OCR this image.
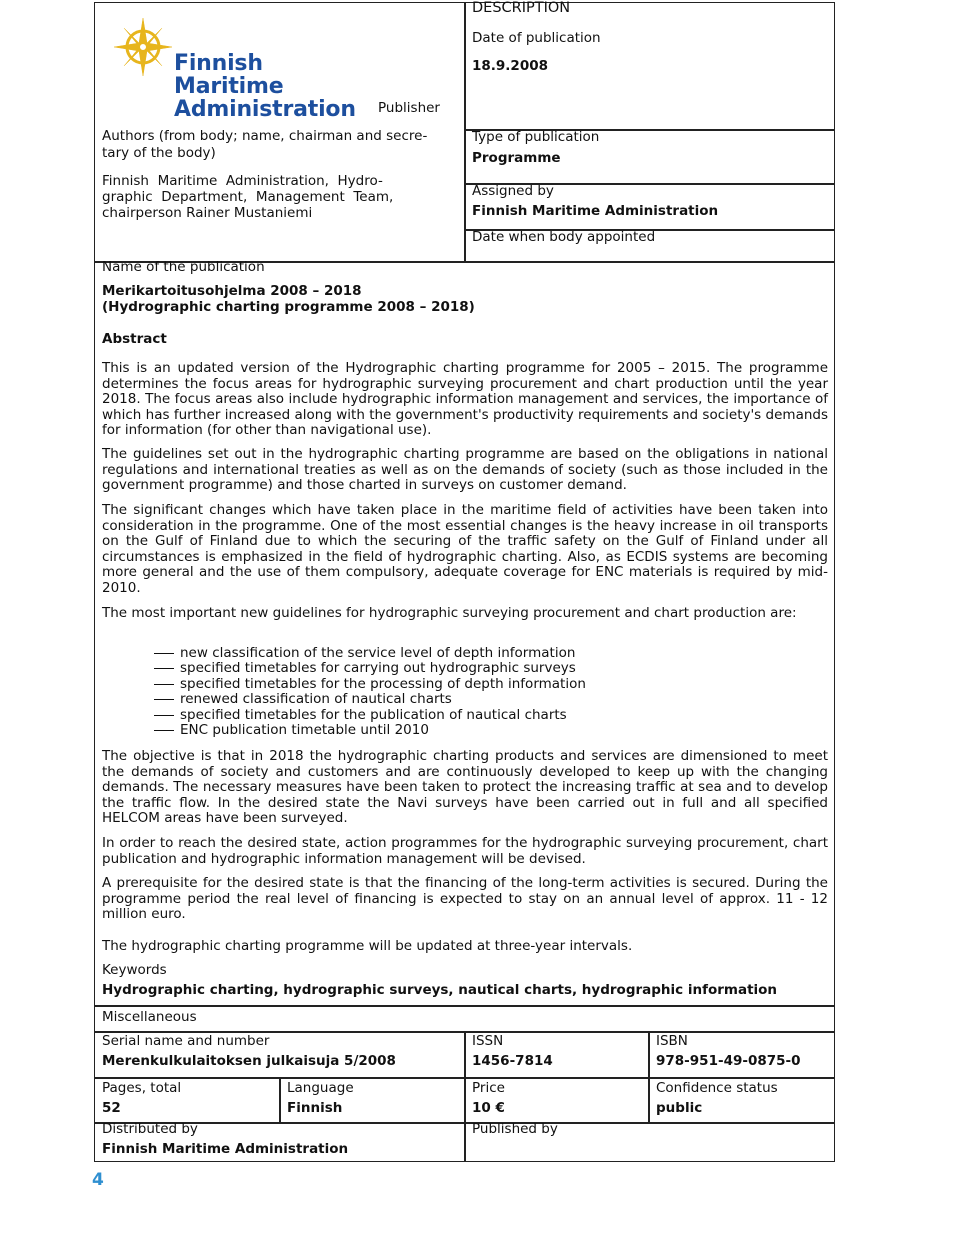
Finnish Maritime
Administration
DESCRIPTION
Date of publication
18.9.2008
Publisher
Authors (from body; name, chairman and secre-
tary of the body)
Finnish  Maritime  Administration,  Hydro-
graphic  Department,  Management  Team,
chairperson Rainer Mustaniemi
Type of publication
Programme
Assigned by
Finnish Maritime Administration
Date when body appointed
Name of the publication
Merikartoitusohjelma 2008 – 2018
(Hydrographic charting programme 2008 – 2018)
Abstract
This is an updated version of the Hydrographic charting programme for 2005 – 2015. The programme determines the focus areas for hydrographic surveying procurement and chart production until the year 2018. The focus areas also include hydrographic information management and services, the importance of which has further increased along with the government's productivity requirements and society's demands for information (for other than navigational use).
The guidelines set out in the hydrographic charting programme are based on the obligations in national regulations and international treaties as well as on the demands of society (such as those included in the government programme) and those charted in surveys on customer demand.
The significant changes which have taken place in the maritime field of activities have been taken into consideration in the programme. One of the most essential changes is the heavy increase in oil transports on the Gulf of Finland due to which the securing of the traffic safety on the Gulf of Finland under all circumstances is emphasized in the field of hydrographic charting. Also, as ECDIS systems are becoming more general and the use of them compulsory, adequate coverage for ENC materials is required by mid-2010.
The most important new guidelines for hydrographic surveying procurement and chart production are:
new classification of the service level of depth information
specified timetables for carrying out hydrographic surveys
specified timetables for the processing of depth information
renewed classification of nautical charts
specified timetables for the publication of nautical charts
ENC publication timetable until 2010
The objective is that in 2018 the hydrographic charting products and services are dimensioned to meet the demands of society and customers and are continuously developed to keep up with the changing demands. The necessary measures have been taken to protect the increasing traffic at sea and to develop the traffic flow. In the desired state the Navi surveys have been carried out in full and all specified HELCOM areas have been surveyed.
In order to reach the desired state, action programmes for the hydrographic surveying procurement, chart publication and hydrographic information management will be devised.
A prerequisite for the desired state is that the financing of the long-term activities is secured. During the programme period the real level of financing is expected to stay on an annual level of approx. 11 - 12 million euro.
The hydrographic charting programme will be updated at three-year intervals.
Keywords
Hydrographic charting, hydrographic surveys, nautical charts, hydrographic information
Miscellaneous
Serial name and number
Merenkulkulaitoksen julkaisuja 5/2008
ISSN
1456-7814
ISBN
978-951-49-0875-0
Pages, total
52
Language
Finnish
Price
10 €
Confidence status
public
Distributed by
Finnish Maritime Administration
Published by
4
